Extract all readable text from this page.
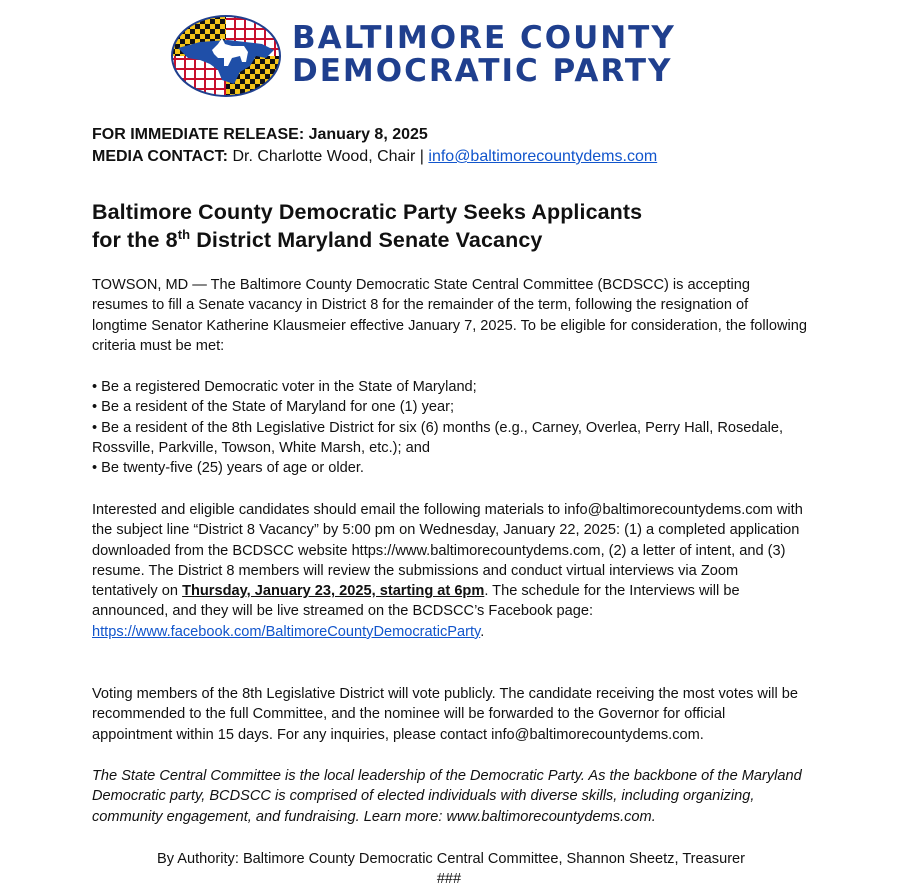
BALTIMORE COUNTY
DEMOCRATIC PARTY
FOR IMMEDIATE RELEASE: January 8, 2025
MEDIA CONTACT: Dr. Charlotte Wood, Chair | info@baltimorecountydems.com
Baltimore County Democratic Party Seeks Applicants
for the 8th District Maryland Senate Vacancy
TOWSON, MD — The Baltimore County Democratic State Central Committee (BCDSCC) is accepting resumes to fill a Senate vacancy in District 8 for the remainder of the term, following the resignation of longtime Senator Katherine Klausmeier effective January 7, 2025. To be eligible for consideration, the following criteria must be met:
• Be a registered Democratic voter in the State of Maryland;
• Be a resident of the State of Maryland for one (1) year;
• Be a resident of the 8th Legislative District for six (6) months (e.g., Carney, Overlea, Perry Hall, Rosedale, Rossville, Parkville, Towson, White Marsh, etc.); and
• Be twenty-five (25) years of age or older.
Interested and eligible candidates should email the following materials to info@baltimorecountydems.com with the subject line “District 8 Vacancy” by 5:00 pm on Wednesday, January 22, 2025: (1) a completed application downloaded from the BCDSCC website https://www.baltimorecountydems.com, (2) a letter of intent, and (3) resume. The District 8 members will review the submissions and conduct virtual interviews via Zoom tentatively on Thursday, January 23, 2025, starting at 6pm. The schedule for the Interviews will be announced, and they will be live streamed on the BCDSCC’s Facebook page:
https://www.facebook.com/BaltimoreCountyDemocraticParty.
Voting members of the 8th Legislative District will vote publicly. The candidate receiving the most votes will be recommended to the full Committee, and the nominee will be forwarded to the Governor for official appointment within 15 days. For any inquiries, please contact info@baltimorecountydems.com.
The State Central Committee is the local leadership of the Democratic Party. As the backbone of the Maryland Democratic party, BCDSCC is comprised of elected individuals with diverse skills, including organizing, community engagement, and fundraising. Learn more: www.baltimorecountydems.com.
By Authority: Baltimore County Democratic Central Committee, Shannon Sheetz, Treasurer
###
